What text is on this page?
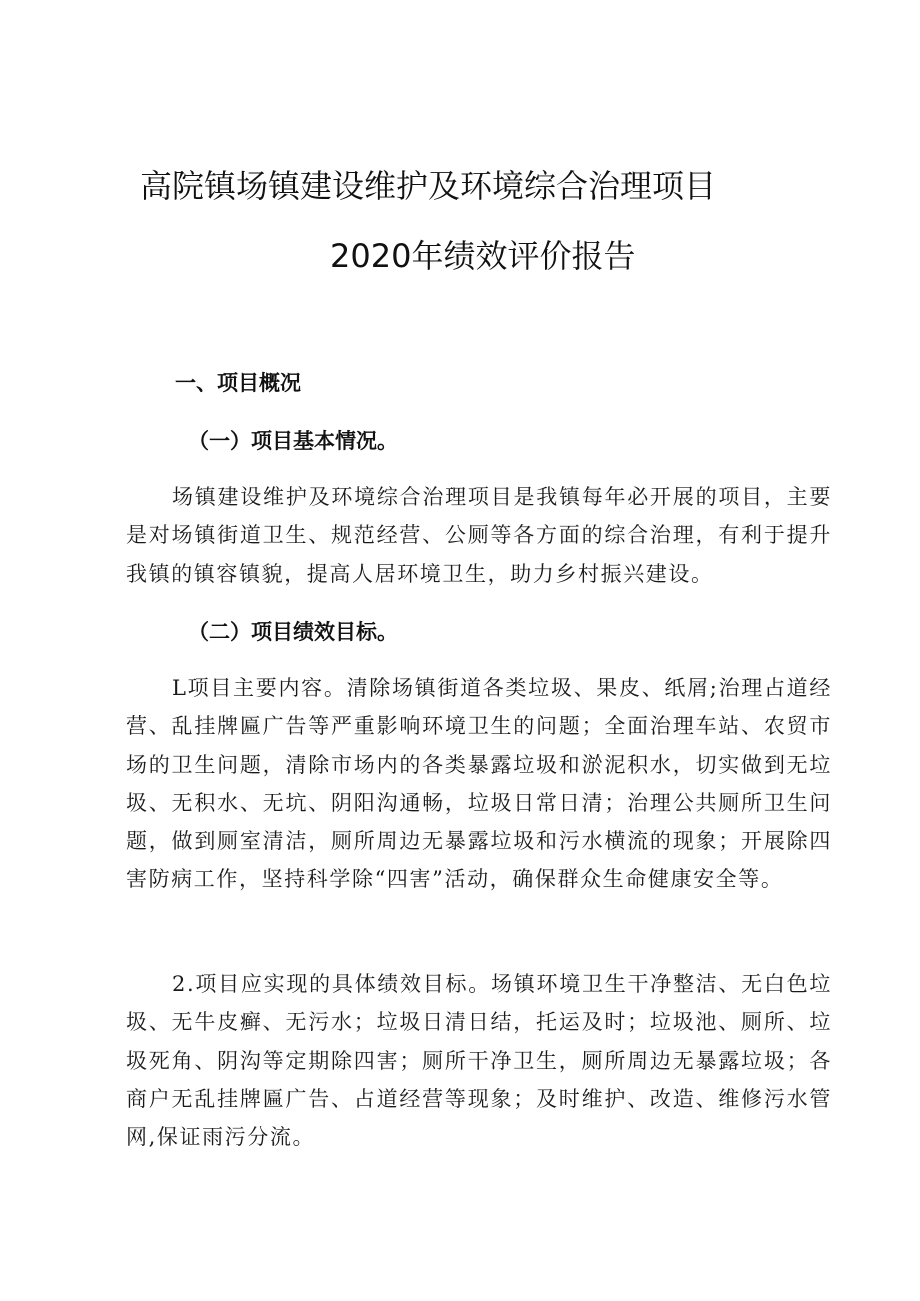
高院镇场镇建设维护及环境综合治理项目
2020年绩效评价报告
一、项目概况
（一）项目基本情况。

场镇建设维护及环境综合治理项目是我镇每年必开展的项目，主要是对场镇街道卫生、规范经营、公厕等各方面的综合治理，有利于提升我镇的镇容镇貌，提高人居环境卫生，助力乡村振兴建设。

（二）项目绩效目标。

L项目主要内容。清除场镇街道各类垃圾、果皮、纸屑;治理占道经营、乱挂牌匾广告等严重影响环境卫生的问题；全面治理车站、农贸市场的卫生问题，清除市场内的各类暴露垃圾和淤泥积水，切实做到无垃圾、无积水、无坑、阴阳沟通畅，垃圾日常日清；治理公共厕所卫生问题，做到厕室清洁，厕所周边无暴露垃圾和污水横流的现象；开展除四害防病工作，坚持科学除“四害”活动，确保群众生命健康安全等。

2.项目应实现的具体绩效目标。场镇环境卫生干净整洁、无白色垃圾、无牛皮癣、无污水；垃圾日清日结，托运及时；垃圾池、厕所、垃圾死角、阴沟等定期除四害；厕所干净卫生，厕所周边无暴露垃圾；各商户无乱挂牌匾广告、占道经营等现象；及时维护、改造、维修污水管网,保证雨污分流。
